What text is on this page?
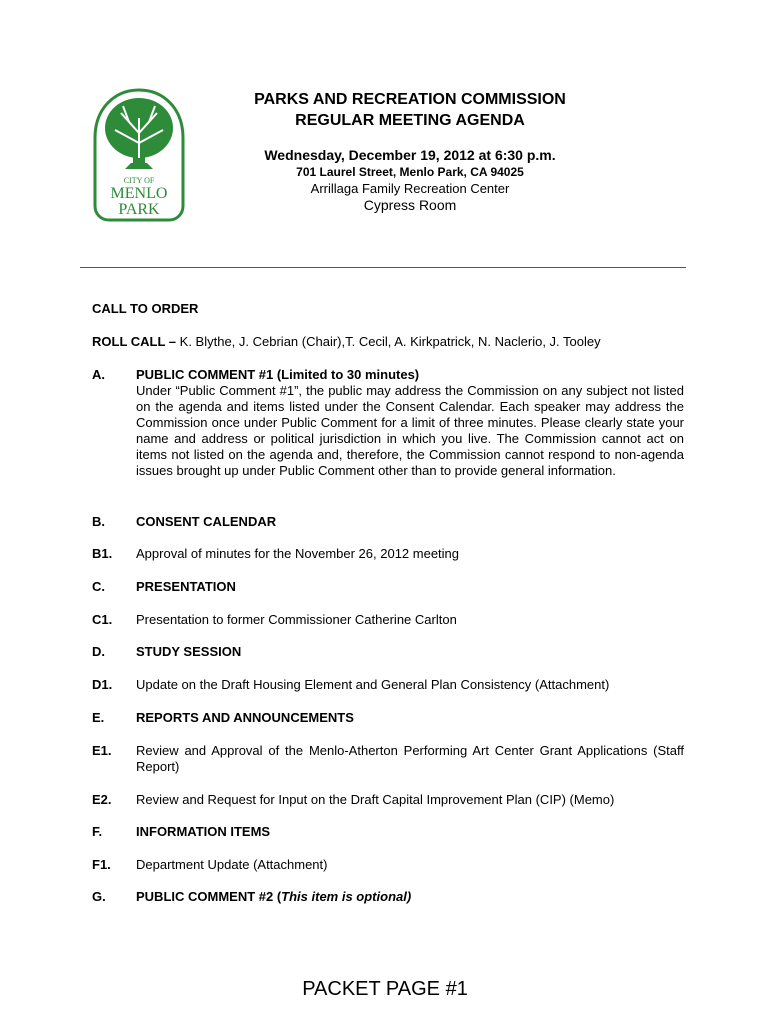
CITY OF
MENLO
PARK
PARKS AND RECREATION COMMISSION
REGULAR MEETING AGENDA
Wednesday, December 19, 2012 at 6:30 p.m.
701 Laurel Street, Menlo Park, CA 94025
Arrillaga Family Recreation Center
Cypress Room
CALL TO ORDER
ROLL CALL – K. Blythe, J. Cebrian (Chair),T. Cecil, A. Kirkpatrick, N. Naclerio, J. Tooley
A. PUBLIC COMMENT #1 (Limited to 30 minutes)
Under “Public Comment #1”, the public may address the Commission on any subject not listed on the agenda and items listed under the Consent Calendar. Each speaker may address the Commission once under Public Comment for a limit of three minutes. Please clearly state your name and address or political jurisdiction in which you live. The Commission cannot act on items not listed on the agenda and, therefore, the Commission cannot respond to non-agenda issues brought up under Public Comment other than to provide general information.
B. CONSENT CALENDAR
B1. Approval of minutes for the November 26, 2012 meeting
C. PRESENTATION
C1. Presentation to former Commissioner Catherine Carlton
D. STUDY SESSION
D1. Update on the Draft Housing Element and General Plan Consistency (Attachment)
E. REPORTS AND ANNOUNCEMENTS
E1. Review and Approval of the Menlo-Atherton Performing Art Center Grant Applications (Staff Report)
E2. Review and Request for Input on the Draft Capital Improvement Plan (CIP) (Memo)
F.	INFORMATION ITEMS
F1. Department Update (Attachment)
G. PUBLIC COMMENT #2 (This item is optional)
PACKET PAGE #1
